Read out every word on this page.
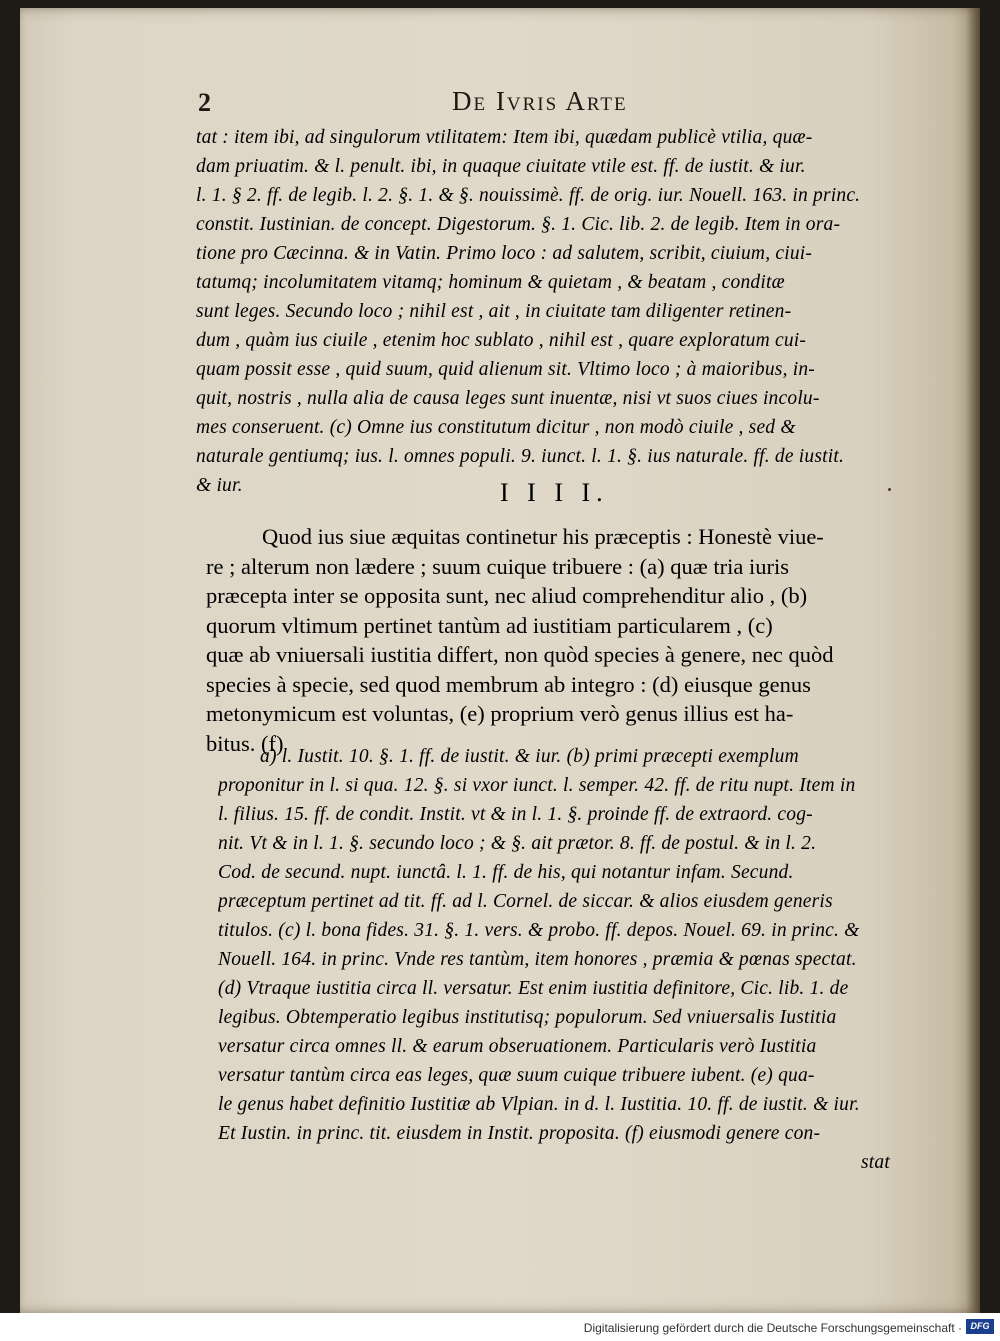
2	De Ivris Arte
tat : item ibi, ad singulorum vtilitatem: Item ibi, quædam publicè vtilia, quæ-
dam priuatim. & l. penult. ibi, in quaque ciuitate vtile est. ff. de iustit. & iur.
l. 1. § 2. ff. de legib. l. 2. §. 1. & §. nouissimè. ff. de orig. iur. Nouell. 163. in princ.
constit. Iustinian. de concept. Digestorum. §. 1. Cic. lib. 2. de legib. Item in ora-
tione pro Cæcinna. & in Vatin. Primo loco : ad salutem, scribit, ciuium, ciui-
tatumq; incolumitatem vitamq; hominum & quietam , & beatam , conditæ
sunt leges. Secundo loco ; nihil est , ait , in ciuitate tam diligenter retinen-
dum , quàm ius ciuile , etenim hoc sublato , nihil est , quare exploratum cui-
quam possit esse , quid suum, quid alienum sit. Vltimo loco ; à maioribus, in-
quit, nostris , nulla alia de causa leges sunt inuentæ, nisi vt suos ciues incolu-
mes conseruent. (c) Omne ius constitutum dicitur , non modò ciuile , sed &
naturale gentiumq; ius. l. omnes populi. 9. iunct. l. 1. §. ius naturale. ff. de iustit.
& iur.	I I I I.
Quod ius siue æquitas continetur his præceptis : Honestè viue-
re ; alterum non lædere ; suum cuique tribuere : (a) quæ tria iuris
præcepta inter se opposita sunt, nec aliud comprehenditur alio , (b)
quorum vltimum pertinet tantùm ad iustitiam particularem , (c)
quæ ab vniuersali iustitia differt, non quòd species à genere, nec quòd
species à specie, sed quod membrum ab integro : (d) eiusque genus
metonymicum est voluntas, (e) proprium verò genus illius est ha-
bitus. (f)
a) l. Iustit. 10. §. 1. ff. de iustit. & iur. (b) primi præcepti exemplum
proponitur in l. si qua. 12. §. si vxor iunct. l. semper. 42. ff. de ritu nupt. Item in
l. filius. 15. ff. de condit. Instit. vt & in l. 1. §. proinde ff. de extraord. cog-
nit. Vt & in l. 1. §. secundo loco ; & §. ait prætor. 8. ff. de postul. & in l. 2.
Cod. de secund. nupt. iunctâ. l. 1. ff. de his, qui notantur infam. Secund.
præceptum pertinet ad tit. ff. ad l. Cornel. de siccar. & alios eiusdem generis
titulos. (c) l. bona fides. 31. §. 1. vers. & probo. ff. depos. Nouel. 69. in princ. &
Nouell. 164. in princ. Vnde res tantùm, item honores , præmia & pœnas spectat.
(d) Vtraque iustitia circa ll. versatur. Est enim iustitia definitore, Cic. lib. 1. de
legibus. Obtemperatio legibus institutisq; populorum. Sed vniuersalis Iustitia
versatur circa omnes ll. & earum obseruationem. Particularis verò Iustitia
versatur tantùm circa eas leges, quæ suum cuique tribuere iubent. (e) qua-
le genus habet definitio Iustitiæ ab Vlpian. in d. l. Iustitia. 10. ff. de iustit. & iur.
Et Iustin. in princ. tit. eiusdem in Instit. proposita. (f) eiusmodi genere con-
stat
Digitalisierung gefördert durch die Deutsche Forschungsgemeinschaft · DFG
